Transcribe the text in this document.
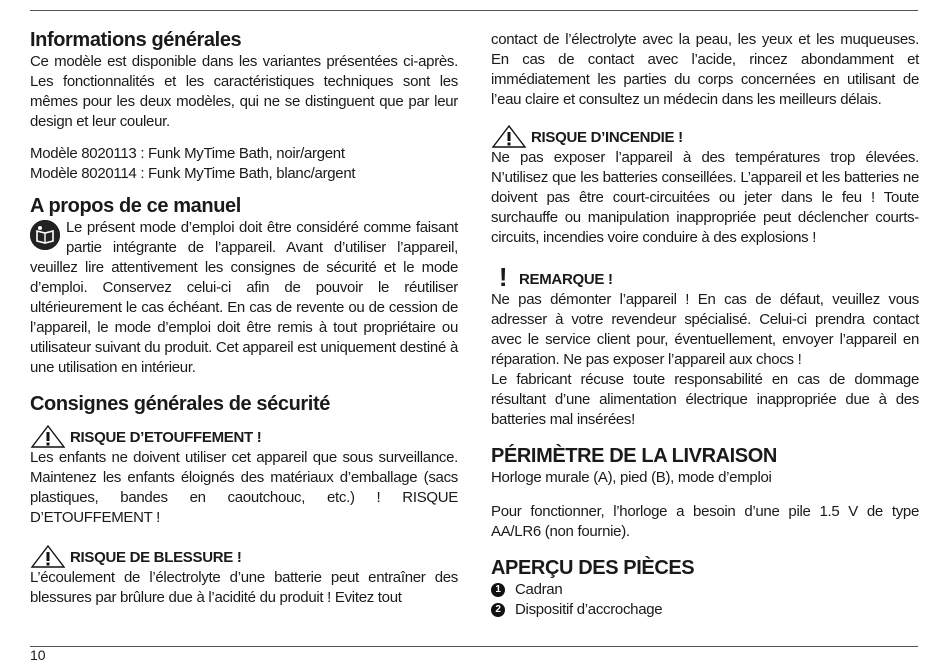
Informations générales

Ce modèle est disponible dans les variantes présentées ci-après. Les fonctionnalités et les caractéristiques techniques sont les mêmes pour les deux modèles, qui ne se distinguent que par leur design et leur couleur.

Modèle 8020113 : Funk MyTime Bath, noir/argent

Modèle 8020114 : Funk MyTime Bath, blanc/argent

A propos de ce manuel

Le présent mode d’emploi doit être considéré comme faisant partie intégrante de l’appareil. Avant d’utiliser l’appareil, veuillez lire attentivement les consignes de sécurité et le mode d’emploi. Conservez celui-ci afin de pouvoir le réutiliser ultérieurement le cas échéant. En cas de revente ou de cession de l’appareil, le mode d’emploi doit être remis à tout propriétaire ou utilisateur suivant du produit. Cet appareil est uniquement destiné à une utilisation en intérieur.

Consignes générales de sécurité
RISQUE D’ETOUFFEMENT !

Les enfants ne doivent utiliser cet appareil que sous surveillance. Maintenez les enfants éloignés des matériaux d’emballage (sacs plastiques, bandes en caoutchouc, etc.) ! RISQUE D’ETOUFFEMENT !

RISQUE DE BLESSURE !

L’écoulement de l’électrolyte d’une batterie peut entraîner des blessures par brûlure due à l’acidité du produit ! Evitez tout

contact de l’électrolyte avec la peau, les yeux et les muqueuses. En cas de contact avec l’acide, rincez abondamment et immédiatement les parties du corps concernées en utilisant de l’eau claire et consultez un médecin dans les meilleurs délais.

RISQUE D’INCENDIE !

Ne pas exposer l’appareil à des températures trop élevées. N’utilisez que les batteries conseillées. L’appareil et les batteries ne doivent pas être court-circuitées ou jeter dans le feu ! Toute surchauffe ou manipulation inappropriée peut déclencher courts-circuits, incendies voire conduire à des explosions !

! REMARQUE !

Ne pas démonter l’appareil ! En cas de défaut, veuillez vous adresser à votre revendeur spécialisé. Celui-ci prendra contact avec le service client pour, éventuellement, envoyer l’appareil en réparation. Ne pas exposer l’appareil aux chocs !

Le fabricant récuse toute responsabilité en cas de dommage résultant d’une alimentation électrique inappropriée due à des batteries mal insérées!

PÉRIMÈTRE DE LA LIVRAISON

Horloge murale (A), pied (B), mode d’emploi

Pour fonctionner, l’horloge a besoin d’une pile 1.5 V de type AA/LR6 (non fournie).

APERÇU DES PIÈCES
1 Cadran
2 Dispositif d’accrochage
10
